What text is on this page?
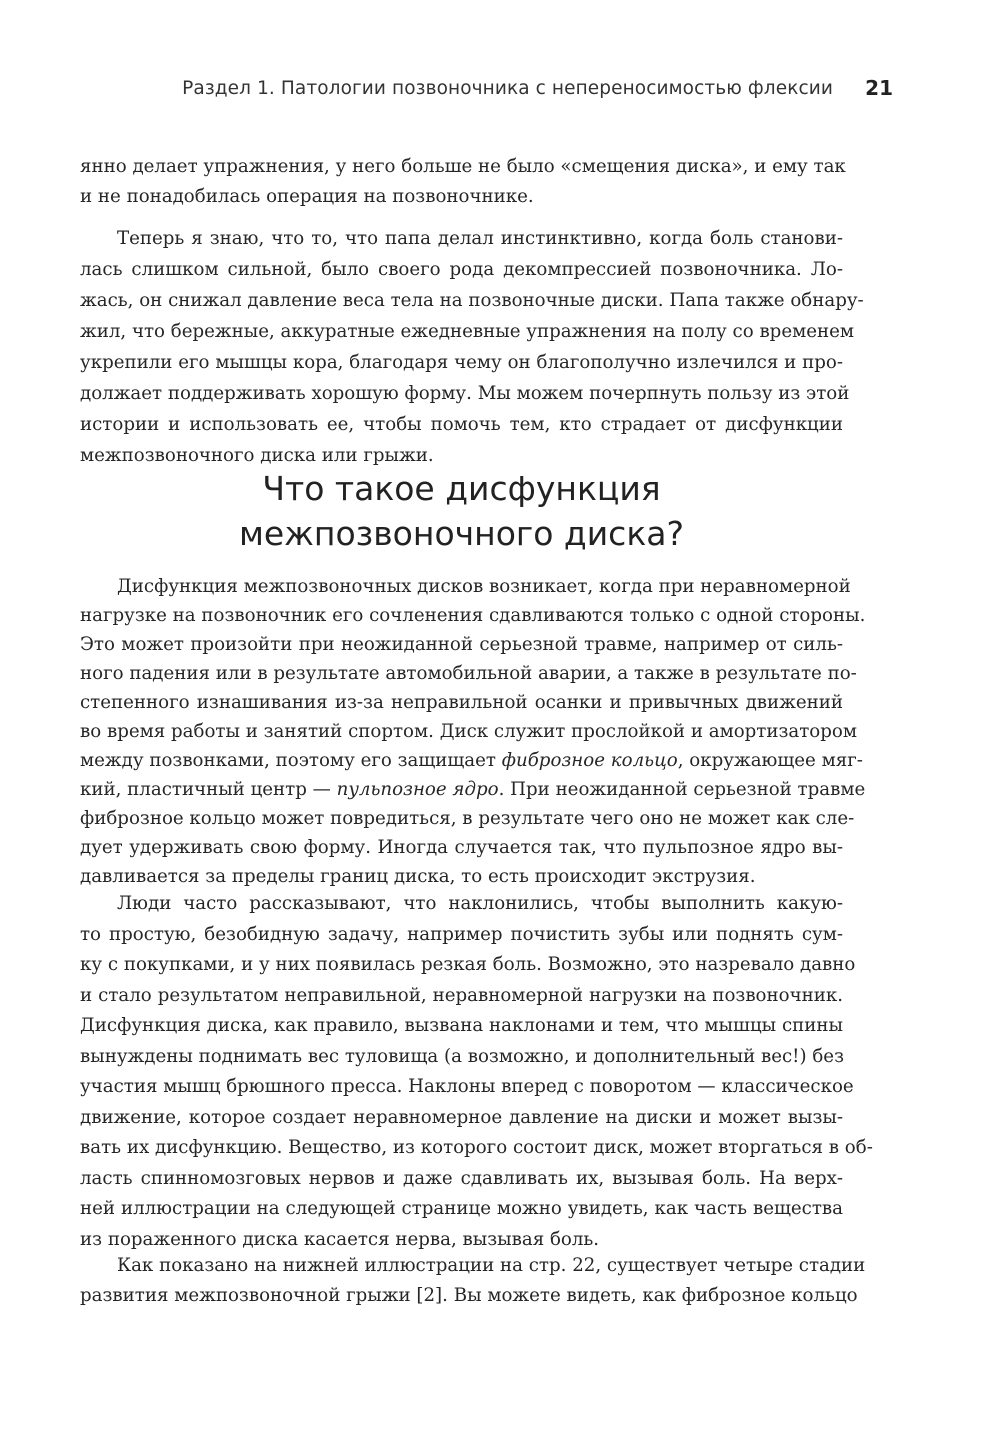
Раздел 1. Патологии позвоночника с непереносимостью флексии 21
янно делает упражнения, у него больше не было «смещения диска», и ему так
и не понадобилась операция на позвоночнике.
Теперь я знаю, что то, что папа делал инстинктивно, когда боль станови-
лась слишком сильной, было своего рода декомпрессией позвоночника. Ло-
жась, он снижал давление веса тела на позвоночные диски. Папа также обнару-
жил, что бережные, аккуратные ежедневные упражнения на полу со временем
укрепили его мышцы кора, благодаря чему он благополучно излечился и про-
должает поддерживать хорошую форму. Мы можем почерпнуть пользу из этой
истории и использовать ее, чтобы помочь тем, кто страдает от дисфункции
межпозвоночного диска или грыжи.
Что такое дисфункция
межпозвоночного диска?
Дисфункция межпозвоночных дисков возникает, когда при неравномерной
нагрузке на позвоночник его сочленения сдавливаются только с одной стороны.
Это может произойти при неожиданной серьезной травме, например от силь-
ного падения или в результате автомобильной аварии, а также в результате по-
степенного изнашивания из-за неправильной осанки и привычных движений
во время работы и занятий спортом. Диск служит прослойкой и амортизатором
между позвонками, поэтому его защищает фиброзное кольцо, окружающее мяг-
кий, пластичный центр — пульпозное ядро. При неожиданной серьезной травме
фиброзное кольцо может повредиться, в результате чего оно не может как сле-
дует удерживать свою форму. Иногда случается так, что пульпозное ядро вы-
давливается за пределы границ диска, то есть происходит экструзия.
Люди часто рассказывают, что наклонились, чтобы выполнить какую-
то простую, безобидную задачу, например почистить зубы или поднять сум-
ку с покупками, и у них появилась резкая боль. Возможно, это назревало давно
и стало результатом неправильной, неравномерной нагрузки на позвоночник.
Дисфункция диска, как правило, вызвана наклонами и тем, что мышцы спины
вынуждены поднимать вес туловища (а возможно, и дополнительный вес!) без
участия мышц брюшного пресса. Наклоны вперед с поворотом — классическое
движение, которое создает неравномерное давление на диски и может вызы-
вать их дисфункцию. Вещество, из которого состоит диск, может вторгаться в об-
ласть спинномозговых нервов и даже сдавливать их, вызывая боль. На верх-
ней иллюстрации на следующей странице можно увидеть, как часть вещества
из пораженного диска касается нерва, вызывая боль.
Как показано на нижней иллюстрации на стр. 22, существует четыре стадии
развития межпозвоночной грыжи [2]. Вы можете видеть, как фиброзное кольцо
